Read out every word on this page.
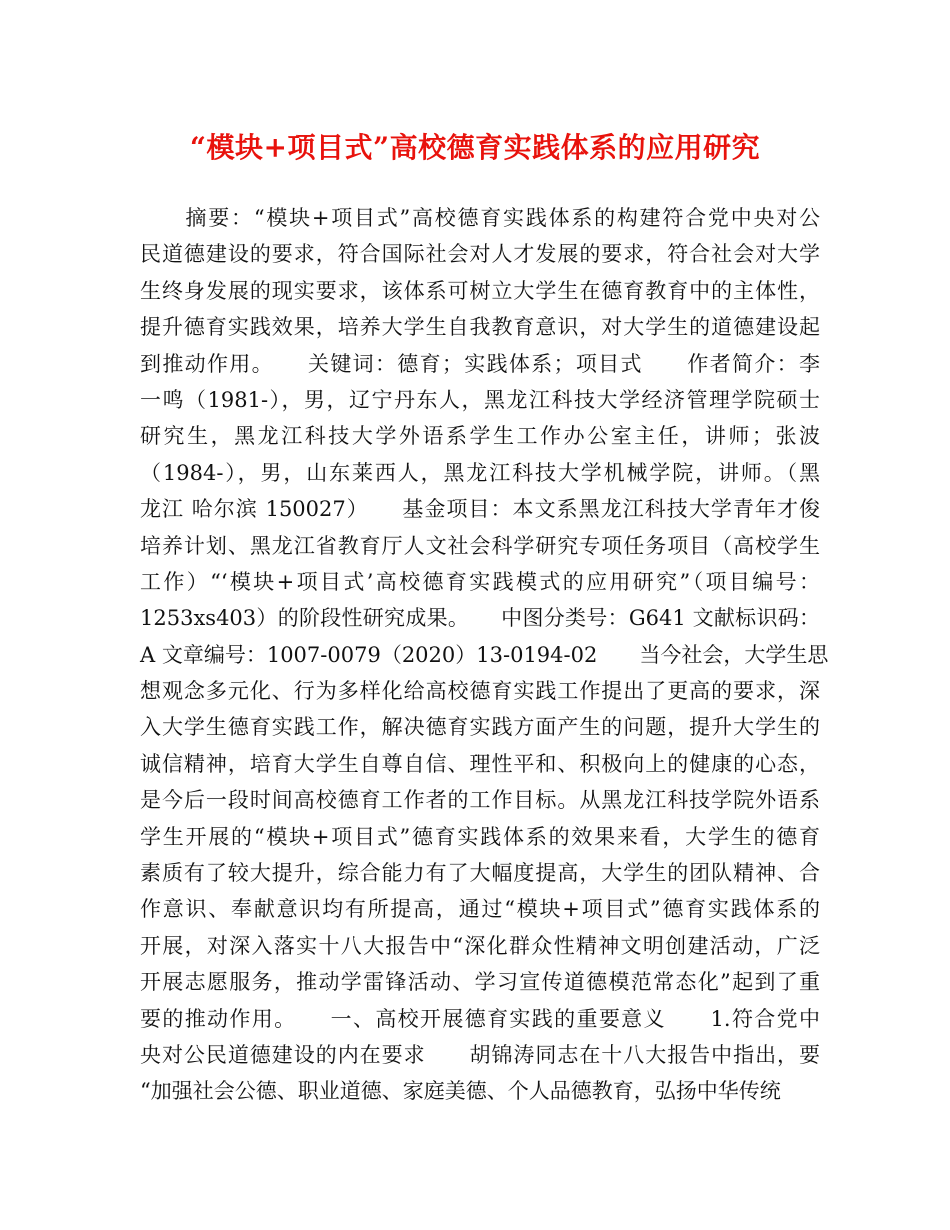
“模块+项目式”高校德育实践体系的应用研究
　　摘要：“模块+项目式”高校德育实践体系的构建符合党中央对公
民道德建设的要求，符合国际社会对人才发展的要求，符合社会对大学
生终身发展的现实要求，该体系可树立大学生在德育教育中的主体性，
提升德育实践效果，培养大学生自我教育意识，对大学生的道德建设起
到推动作用。　　关键词：德育；实践体系；项目式　　作者简介：李
一鸣（1981-），男，辽宁丹东人，黑龙江科技大学经济管理学院硕士
研究生，黑龙江科技大学外语系学生工作办公室主任，讲师；张波
（1984-），男，山东莱西人，黑龙江科技大学机械学院，讲师。（黑
龙江 哈尔滨 150027）　　基金项目：本文系黑龙江科技大学青年才俊
培养计划、黑龙江省教育厅人文社会科学研究专项任务项目（高校学生
工作）“‘模块+项目式’高校德育实践模式的应用研究”（项目编号：
1253xs403）的阶段性研究成果。　　中图分类号：G641 文献标识码：
A 文章编号：1007-0079（2020）13-0194-02　　当今社会，大学生思
想观念多元化、行为多样化给高校德育实践工作提出了更高的要求，深
入大学生德育实践工作，解决德育实践方面产生的问题，提升大学生的
诚信精神，培育大学生自尊自信、理性平和、积极向上的健康的心态，
是今后一段时间高校德育工作者的工作目标。从黑龙江科技学院外语系
学生开展的“模块+项目式”德育实践体系的效果来看，大学生的德育
素质有了较大提升，综合能力有了大幅度提高，大学生的团队精神、合
作意识、奉献意识均有所提高，通过“模块+项目式”德育实践体系的
开展，对深入落实十八大报告中“深化群众性精神文明创建活动，广泛
开展志愿服务，推动学雷锋活动、学习宣传道德模范常态化”起到了重
要的推动作用。　　一、高校开展德育实践的重要意义　　1.符合党中
央对公民道德建设的内在要求　　胡锦涛同志在十八大报告中指出，要
“加强社会公德、职业道德、家庭美德、个人品德教育，弘扬中华传统
